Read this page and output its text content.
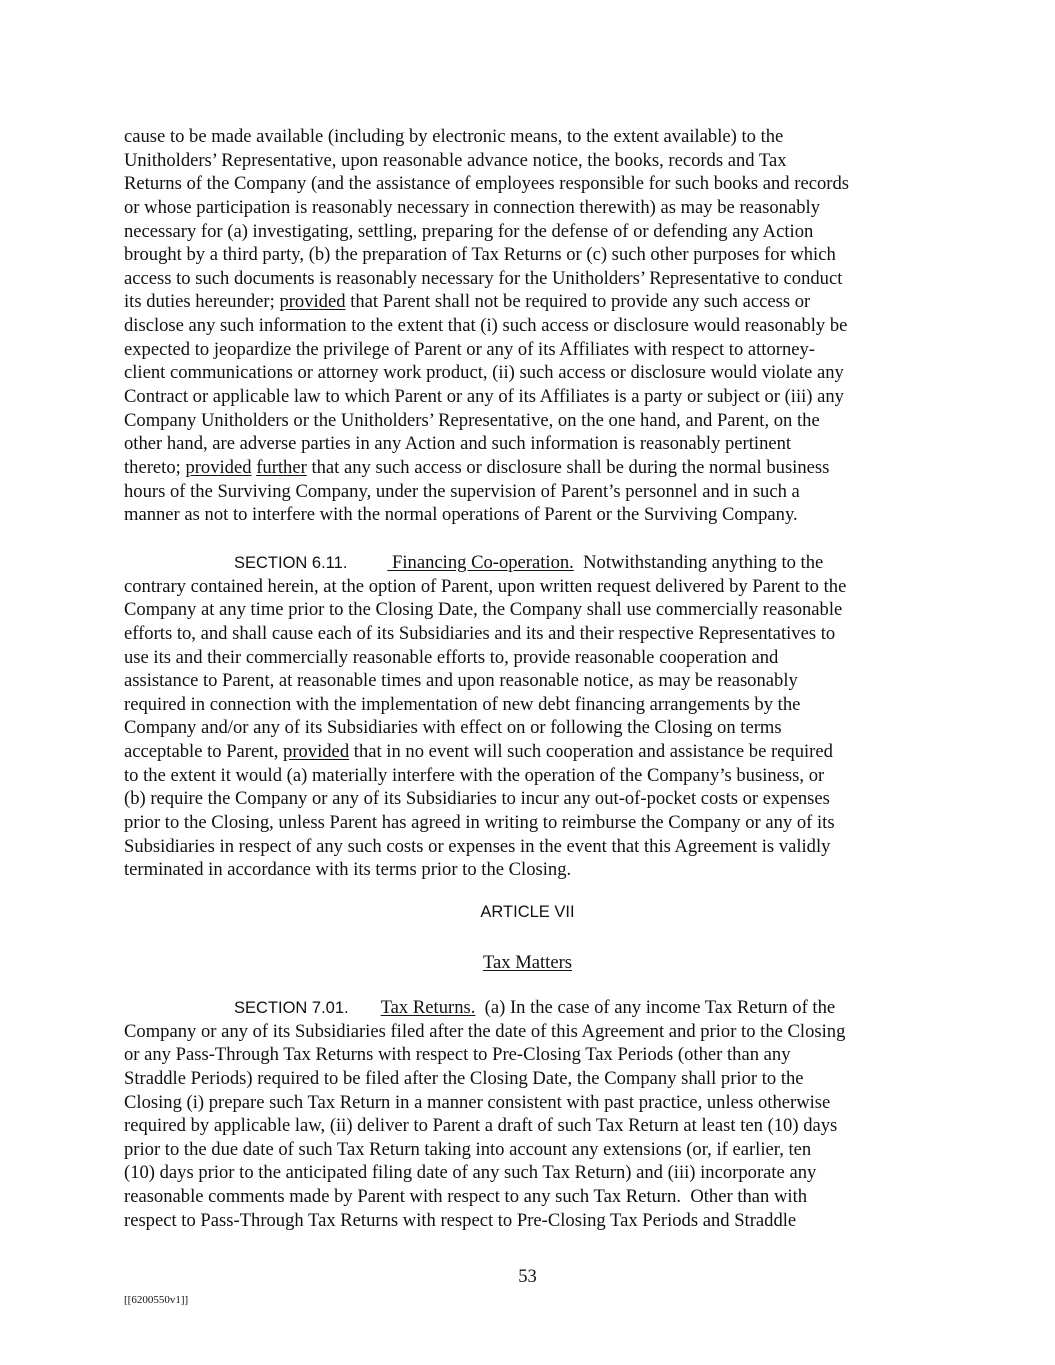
cause to be made available (including by electronic means, to the extent available) to the
Unitholders’ Representative, upon reasonable advance notice, the books, records and Tax
Returns of the Company (and the assistance of employees responsible for such books and records
or whose participation is reasonably necessary in connection therewith) as may be reasonably
necessary for (a) investigating, settling, preparing for the defense of or defending any Action
brought by a third party, (b) the preparation of Tax Returns or (c) such other purposes for which
access to such documents is reasonably necessary for the Unitholders’ Representative to conduct
its duties hereunder; provided that Parent shall not be required to provide any such access or
disclose any such information to the extent that (i) such access or disclosure would reasonably be
expected to jeopardize the privilege of Parent or any of its Affiliates with respect to attorney-
client communications or attorney work product, (ii) such access or disclosure would violate any
Contract or applicable law to which Parent or any of its Affiliates is a party or subject or (iii) any
Company Unitholders or the Unitholders’ Representative, on the one hand, and Parent, on the
other hand, are adverse parties in any Action and such information is reasonably pertinent
thereto; provided further that any such access or disclosure shall be during the normal business
hours of the Surviving Company, under the supervision of Parent’s personnel and in such a
manner as not to interfere with the normal operations of Parent or the Surviving Company.
SECTION 6.11. Financing Co-operation.  Notwithstanding anything to the
contrary contained herein, at the option of Parent, upon written request delivered by Parent to the
Company at any time prior to the Closing Date, the Company shall use commercially reasonable
efforts to, and shall cause each of its Subsidiaries and its and their respective Representatives to
use its and their commercially reasonable efforts to, provide reasonable cooperation and
assistance to Parent, at reasonable times and upon reasonable notice, as may be reasonably
required in connection with the implementation of new debt financing arrangements by the
Company and/or any of its Subsidiaries with effect on or following the Closing on terms
acceptable to Parent, provided that in no event will such cooperation and assistance be required
to the extent it would (a) materially interfere with the operation of the Company’s business, or
(b) require the Company or any of its Subsidiaries to incur any out-of-pocket costs or expenses
prior to the Closing, unless Parent has agreed in writing to reimburse the Company or any of its
Subsidiaries in respect of any such costs or expenses in the event that this Agreement is validly
terminated in accordance with its terms prior to the Closing.
ARTICLE VII
Tax Matters
SECTION 7.01. Tax Returns.  (a) In the case of any income Tax Return of the
Company or any of its Subsidiaries filed after the date of this Agreement and prior to the Closing
or any Pass-Through Tax Returns with respect to Pre-Closing Tax Periods (other than any
Straddle Periods) required to be filed after the Closing Date, the Company shall prior to the
Closing (i) prepare such Tax Return in a manner consistent with past practice, unless otherwise
required by applicable law, (ii) deliver to Parent a draft of such Tax Return at least ten (10) days
prior to the due date of such Tax Return taking into account any extensions (or, if earlier, ten
(10) days prior to the anticipated filing date of any such Tax Return) and (iii) incorporate any
reasonable comments made by Parent with respect to any such Tax Return.  Other than with
respect to Pass-Through Tax Returns with respect to Pre-Closing Tax Periods and Straddle
53
[[6200550v1]]
